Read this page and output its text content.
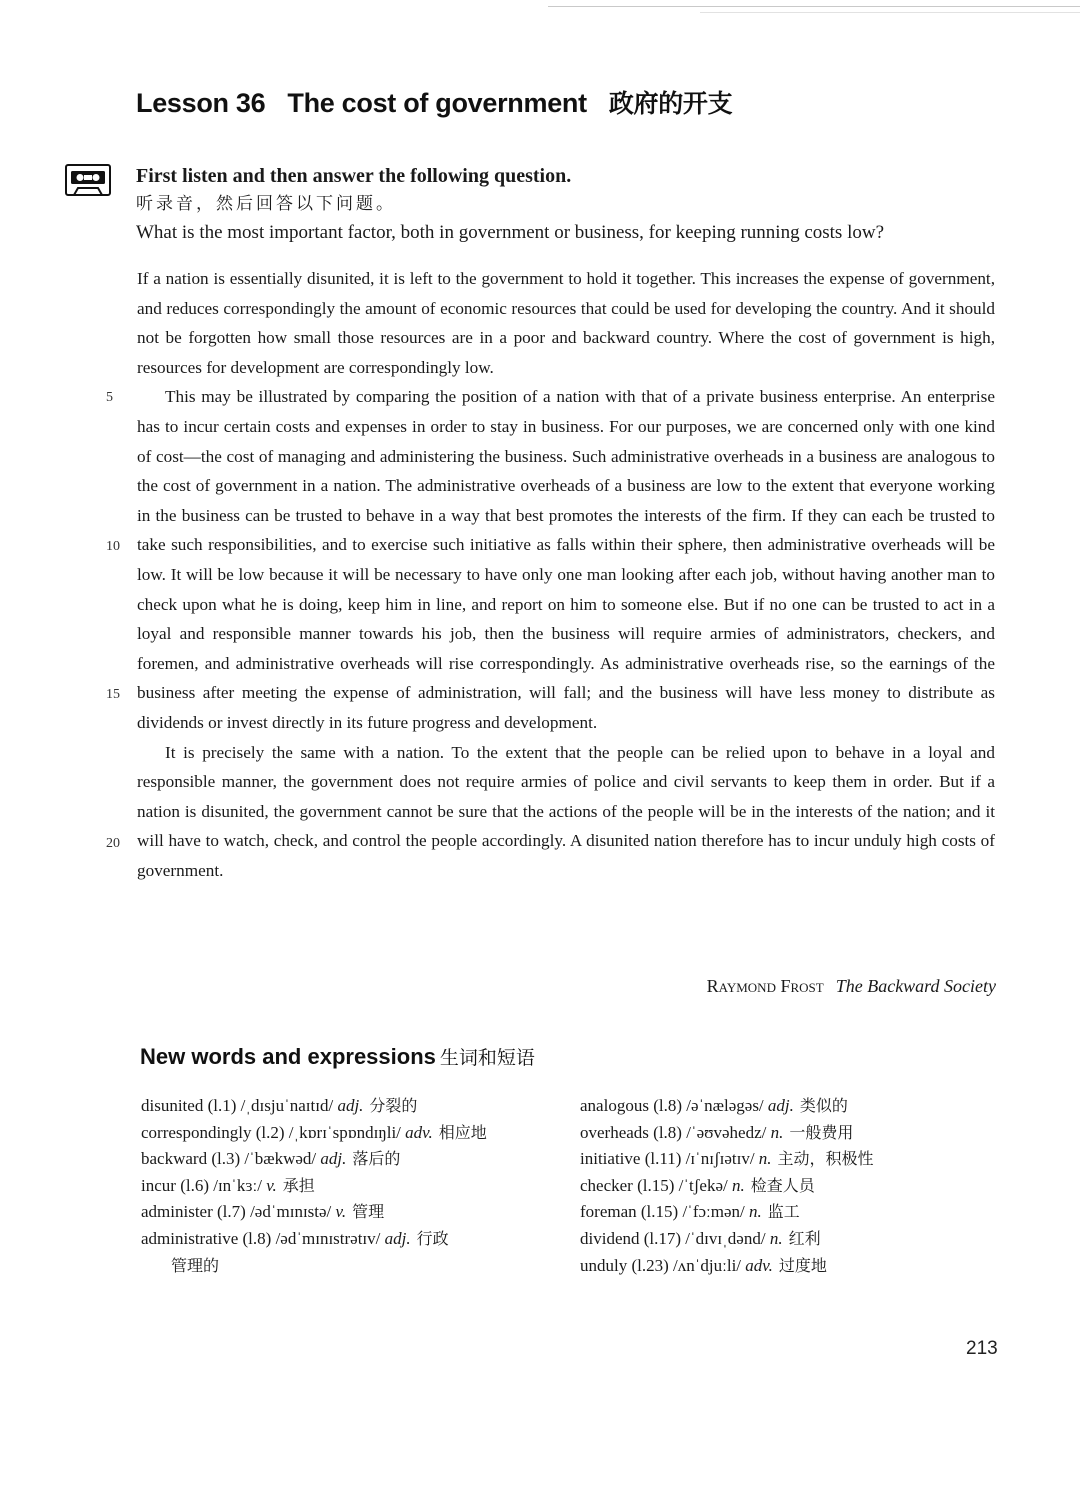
Lesson 36 The cost of government 政府的开支
First listen and then answer the following question.
听录音，然后回答以下问题。
What is the most important factor, both in government or business, for keeping running costs low?

If a nation is essentially disunited, it is left to the government to hold it together. This increases the expense of government, and reduces correspondingly the amount of economic resources that could be used for developing the country. And it should not be forgotten how small those resources are in a poor and backward country. Where the cost of government is high, resources for development are correspondingly low.

This may be illustrated by comparing the position of a nation with that of a private business enterprise. An enterprise has to incur certain costs and expenses in order to stay in business. For our purposes, we are concerned only with one kind of cost—the cost of managing and administering the business. Such administrative overheads in a business are analogous to the cost of government in a nation. The administrative overheads of a business are low to the extent that everyone working in the business can be trusted to behave in a way that best promotes the interests of the firm. If they can each be trusted to take such responsibilities, and to exercise such initiative as falls within their sphere, then administrative overheads will be low. It will be low because it will be necessary to have only one man looking after each job, without having another man to check upon what he is doing, keep him in line, and report on him to someone else. But if no one can be trusted to act in a loyal and responsible manner towards his job, then the business will require armies of administrators, checkers, and foremen, and administrative overheads will rise correspondingly. As administrative overheads rise, so the earnings of the business after meeting the expense of administration, will fall; and the business will have less money to distribute as dividends or invest directly in its future progress and development.

It is precisely the same with a nation. To the extent that the people can be relied upon to behave in a loyal and responsible manner, the government does not require armies of police and civil servants to keep them in order. But if a nation is disunited, the government cannot be sure that the actions of the people will be in the interests of the nation; and it will have to watch, check, and control the people accordingly. A disunited nation therefore has to incur unduly high costs of government.

5
10
15
20
Raymond Frost The Backward Society
New words and expressions 生词和短语
disunited (l.1) /ˌdɪsjuˈnaɪtɪd/ adj. 分裂的
correspondingly (l.2) /ˌkɒrɪˈspɒndɪŋli/ adv. 相应地
backward (l.3) /ˈbækwəd/ adj. 落后的
incur (l.6) /ɪnˈkɜː/ v. 承担
administer (l.7) /ədˈmɪnɪstə/ v. 管理
administrative (l.8) /ədˈmɪnɪstrətɪv/ adj. 行政
管理的
analogous (l.8) /əˈnæləgəs/ adj. 类似的
overheads (l.8) /ˈəʊvəhedz/ n. 一般费用
initiative (l.11) /ɪˈnɪʃɪətɪv/ n. 主动，积极性
checker (l.15) /ˈtʃekə/ n. 检查人员
foreman (l.15) /ˈfɔːmən/ n. 监工
dividend (l.17) /ˈdɪvɪˌdənd/ n. 红利
unduly (l.23) /ʌnˈdjuːli/ adv. 过度地
213
